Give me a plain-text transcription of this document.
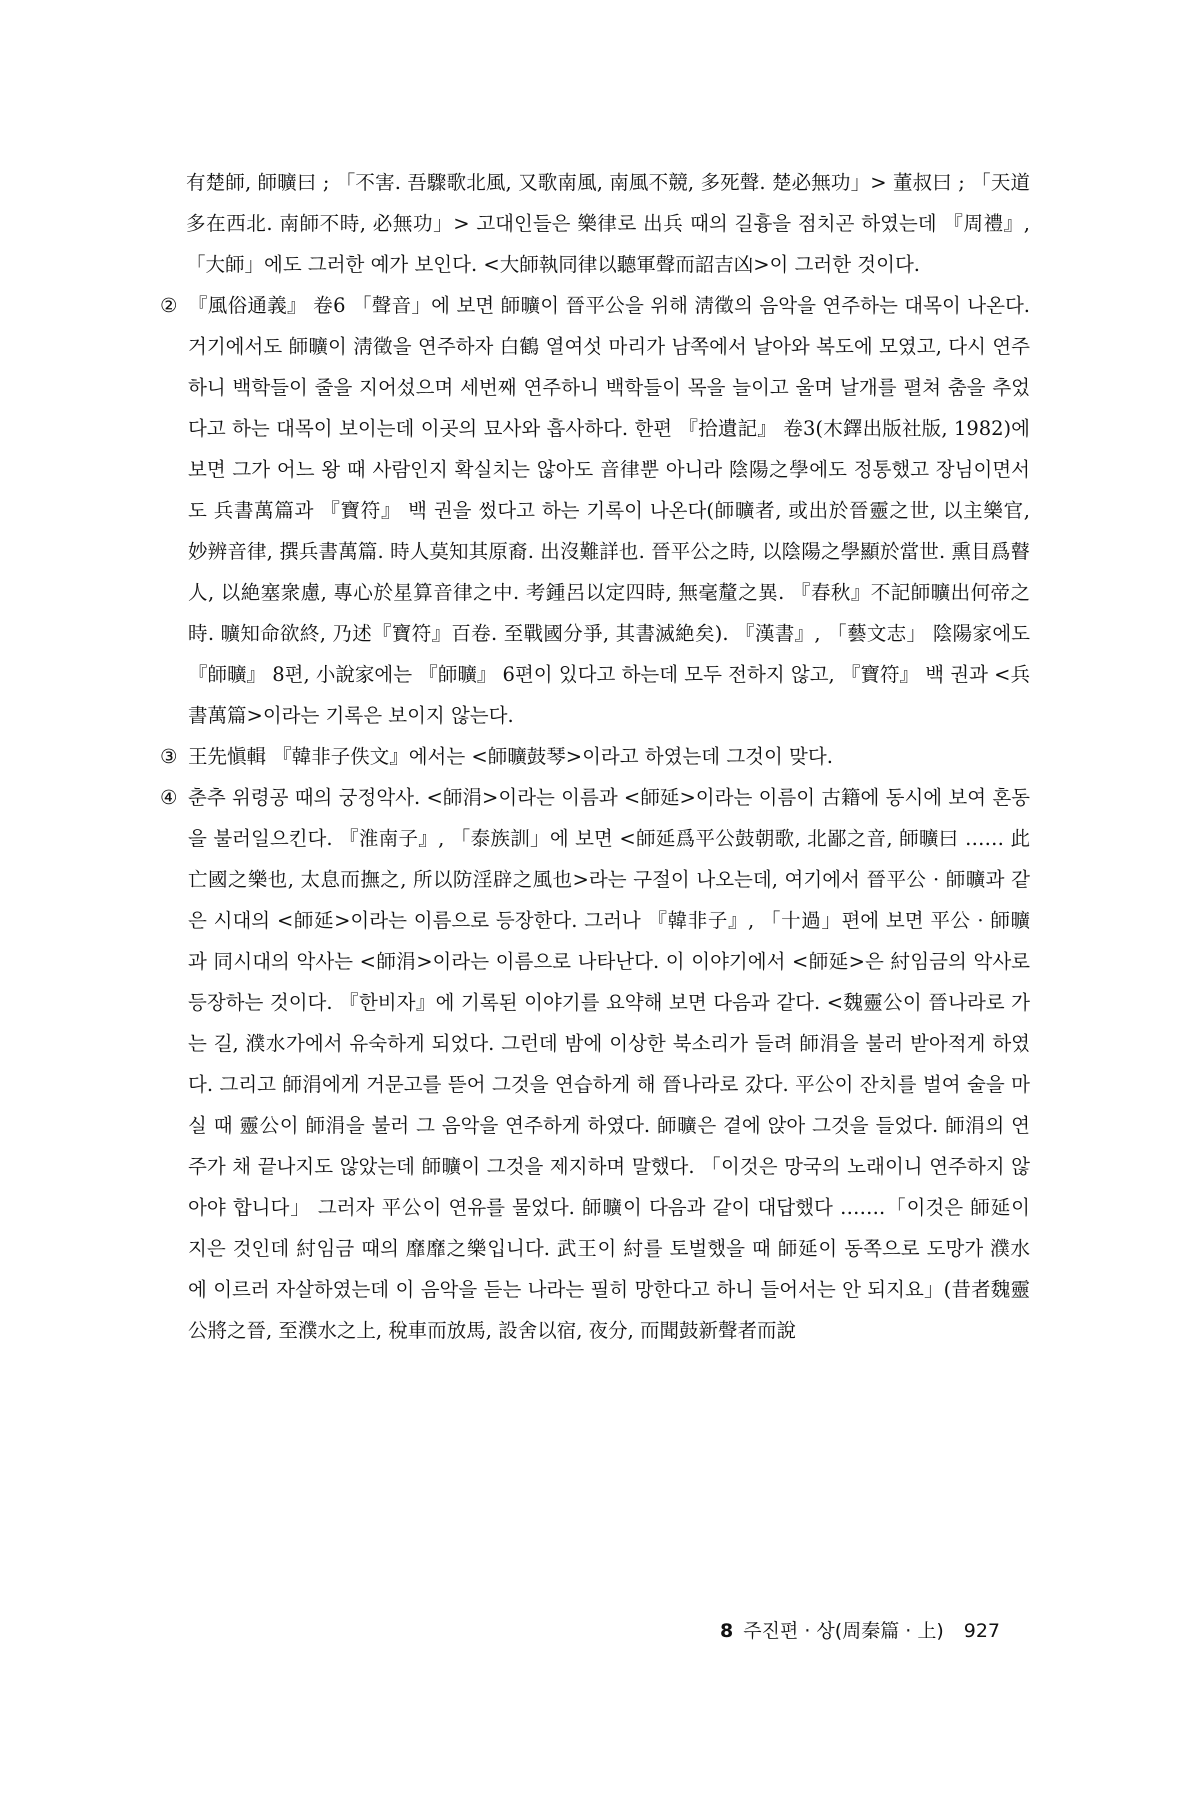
有楚師, 師曠曰 ; 「不害. 吾驟歌北風, 又歌南風, 南風不競, 多死聲. 楚必無功」> 董叔曰 ; 「天道多在西北. 南師不時, 必無功」> 고대인들은 樂律로 出兵 때의 길흉을 점치곤 하였는데 『周禮』, 「大師」에도 그러한 예가 보인다. <大師執同律以聽軍聲而詔吉凶>이 그러한 것이다.

② 『風俗通義』 卷6 「聲音」에 보면 師曠이 晉平公을 위해 淸徵의 음악을 연주하는 대목이 나온다. 거기에서도 師曠이 淸徵을 연주하자 白鶴 열여섯 마리가 남쪽에서 날아와 복도에 모였고, 다시 연주하니 백학들이 줄을 지어섰으며 세번째 연주하니 백학들이 목을 늘이고 울며 날개를 펼쳐 춤을 추었다고 하는 대목이 보이는데 이곳의 묘사와 흡사하다. 한편 『拾遺記』 卷3(木鐸出版社版, 1982)에 보면 그가 어느 왕 때 사람인지 확실치는 않아도 音律뿐 아니라 陰陽之學에도 정통했고 장님이면서도 兵書萬篇과 『寶符』 백 권을 썼다고 하는 기록이 나온다(師曠者, 或出於晉靈之世, 以主樂官, 妙辨音律, 撰兵書萬篇. 時人莫知其原裔. 出沒難詳也. 晉平公之時, 以陰陽之學顯於當世. 熏目爲瞽人, 以絶塞衆慮, 專心於星算音律之中. 考鍾呂以定四時, 無毫釐之異. 『春秋』不記師曠出何帝之時. 曠知命欲終, 乃述『寶符』百卷. 至戰國分爭, 其書滅絶矣). 『漢書』, 「藝文志」 陰陽家에도 『師曠』 8편, 小說家에는 『師曠』 6편이 있다고 하는데 모두 전하지 않고, 『寶符』 백 권과 <兵書萬篇>이라는 기록은 보이지 않는다.

③ 王先愼輯 『韓非子佚文』에서는 <師曠鼓琴>이라고 하였는데 그것이 맞다.

④ 춘추 위령공 때의 궁정악사. <師涓>이라는 이름과 <師延>이라는 이름이 古籍에 동시에 보여 혼동을 불러일으킨다. 『淮南子』, 「泰族訓」에 보면 <師延爲平公鼓朝歌, 北鄙之音, 師曠曰 …… 此亡國之樂也, 太息而撫之, 所以防淫辟之風也>라는 구절이 나오는데, 여기에서 晉平公 · 師曠과 같은 시대의 <師延>이라는 이름으로 등장한다. 그러나 『韓非子』, 「十過」편에 보면 平公 · 師曠과 同시대의 악사는 <師涓>이라는 이름으로 나타난다. 이 이야기에서 <師延>은 紂임금의 악사로 등장하는 것이다. 『한비자』에 기록된 이야기를 요약해 보면 다음과 같다. <魏靈公이 晉나라로 가는 길, 濮水가에서 유숙하게 되었다. 그런데 밤에 이상한 북소리가 들려 師涓을 불러 받아적게 하였다. 그리고 師涓에게 거문고를 뜯어 그것을 연습하게 해 晉나라로 갔다. 平公이 잔치를 벌여 술을 마실 때 靈公이 師涓을 불러 그 음악을 연주하게 하였다. 師曠은 곁에 앉아 그것을 들었다. 師涓의 연주가 채 끝나지도 않았는데 師曠이 그것을 제지하며 말했다. 「이것은 망국의 노래이니 연주하지 않아야 합니다」 그러자 平公이 연유를 물었다. 師曠이 다음과 같이 대답했다 …….「이것은 師延이 지은 것인데 紂임금 때의 靡靡之樂입니다. 武王이 紂를 토벌했을 때 師延이 동쪽으로 도망가 濮水에 이르러 자살하였는데 이 음악을 듣는 나라는 필히 망한다고 하니 들어서는 안 되지요」(昔者魏靈公將之晉, 至濮水之上, 稅車而放馬, 設舍以宿, 夜分, 而聞鼓新聲者而說

8 주진편 · 상(周秦篇 · 上) 927
